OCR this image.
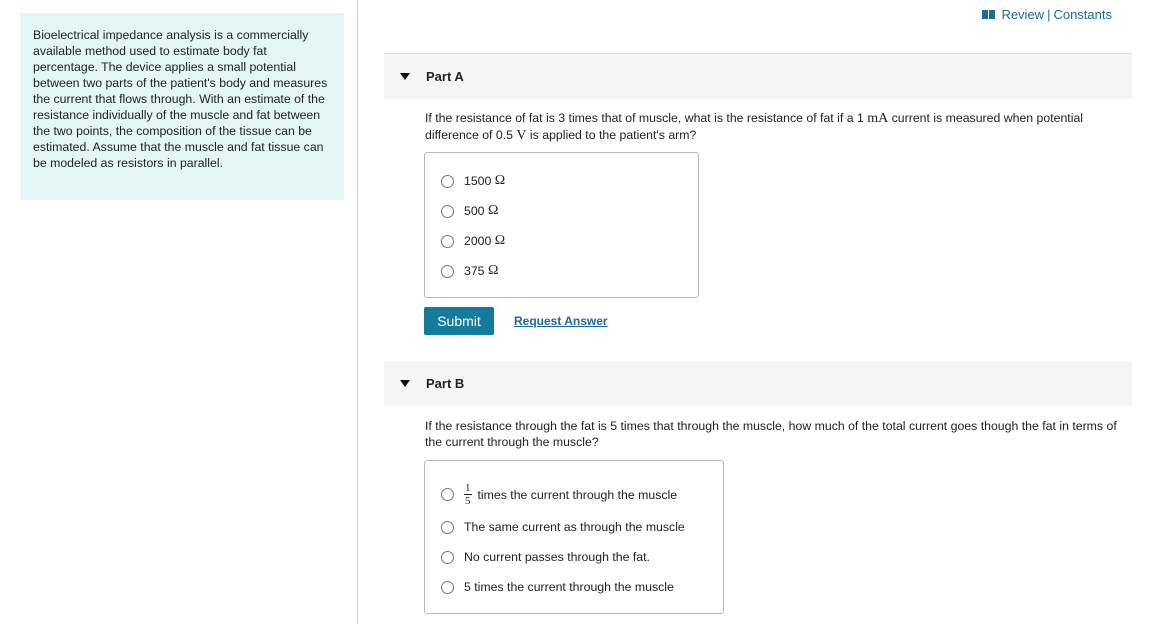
Bioelectrical impedance analysis is a commercially available method used to estimate body fat percentage. The device applies a small potential between two parts of the patient's body and measures the current that flows through. With an estimate of the resistance individually of the muscle and fat between the two points, the composition of the tissue can be estimated. Assume that the muscle and fat tissue can be modeled as resistors in parallel.
Review | Constants
Part A
If the resistance of fat is 3 times that of muscle, what is the resistance of fat if a 1 mA current is measured when potential difference of 0.5 V is applied to the patient's arm?
1500
Ω
500
Ω
2000
Ω
375
Ω
Submit	Request Answer
Part B
If the resistance through the fat is 5 times that through the muscle, how much of the total current goes though the fat in terms of the current through the muscle?
$\frac{1}{5}$ times the current through the muscle
The same current as through the muscle
No current passes through the fat.
5 times the current through the muscle
